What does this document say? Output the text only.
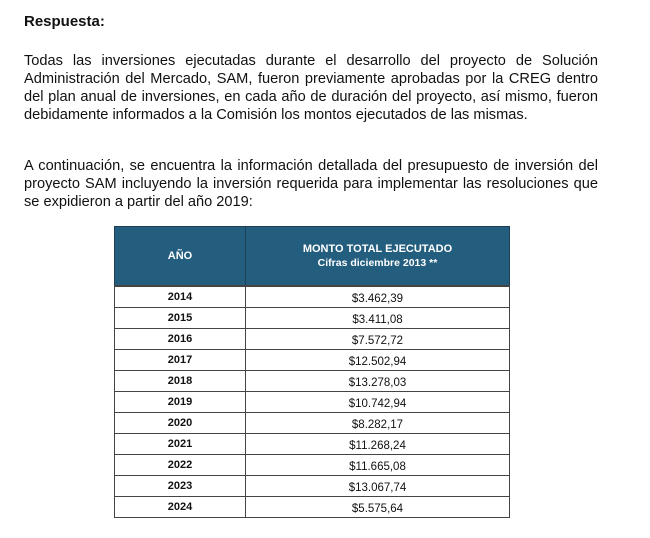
Respuesta:

Todas las inversiones ejecutadas durante el desarrollo del proyecto de Solución Administración del Mercado, SAM, fueron previamente aprobadas por la CREG dentro del plan anual de inversiones, en cada año de duración del proyecto, así mismo, fueron debidamente informados a la Comisión los montos ejecutados de las mismas.

A continuación, se encuentra la información detallada del presupuesto de inversión del proyecto SAM incluyendo la inversión requerida para implementar las resoluciones que se expidieron a partir del año 2019:

AÑO	MONTO TOTAL EJECUTADO
Cifras diciembre 2013 **

2014	$3.462,39
2015	$3.411,08
2016	$7.572,72
2017	$12.502,94
2018	$13.278,03
2019	$10.742,94
2020	$8.282,17
2021	$11.268,24
2022	$11.665,08
2023	$13.067,74
2024	$5.575,64
